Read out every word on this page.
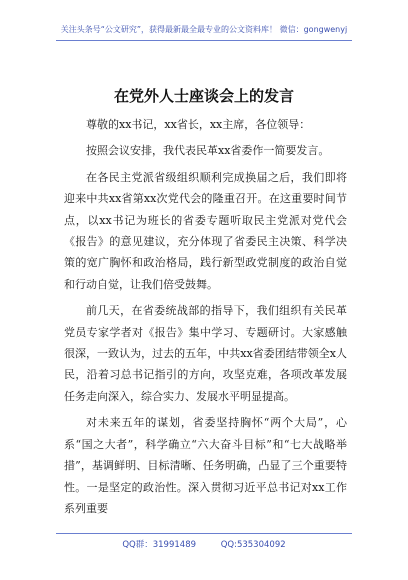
关注头条号“公文研究”，获得最新最全最专业的公文资料库！ 微信：gongwenyj
在党外人士座谈会上的发言

尊敬的xx书记，xx省长，xx主席，各位领导：

按照会议安排，我代表民革xx省委作一简要发言。

在各民主党派省级组织顺利完成换届之后，我们即将迎来中共xx省第xx次党代会的隆重召开。在这重要时间节点，以xx书记为班长的省委专题听取民主党派对党代会《报告》的意见建议，充分体现了省委民主决策、科学决策的宽广胸怀和政治格局，践行新型政党制度的政治自觉和行动自觉，让我们倍受鼓舞。

前几天，在省委统战部的指导下，我们组织有关民革党员专家学者对《报告》集中学习、专题研讨。大家感触很深，一致认为，过去的五年，中共xx省委团结带领全x人民，沿着习总书记指引的方向，攻坚克难，各项改革发展任务走向深入，综合实力、发展水平明显提高。

对未来五年的谋划，省委坚持胸怀“两个大局”，心系“国之大者”，科学确立“六大奋斗目标”和“七大战略举措”，基调鲜明、目标清晰、任务明确，凸显了三个重要特性。一是坚定的政治性。深入贯彻习近平总书记对xx工作系列重要

QQ群：31991489	QQ:535304092
